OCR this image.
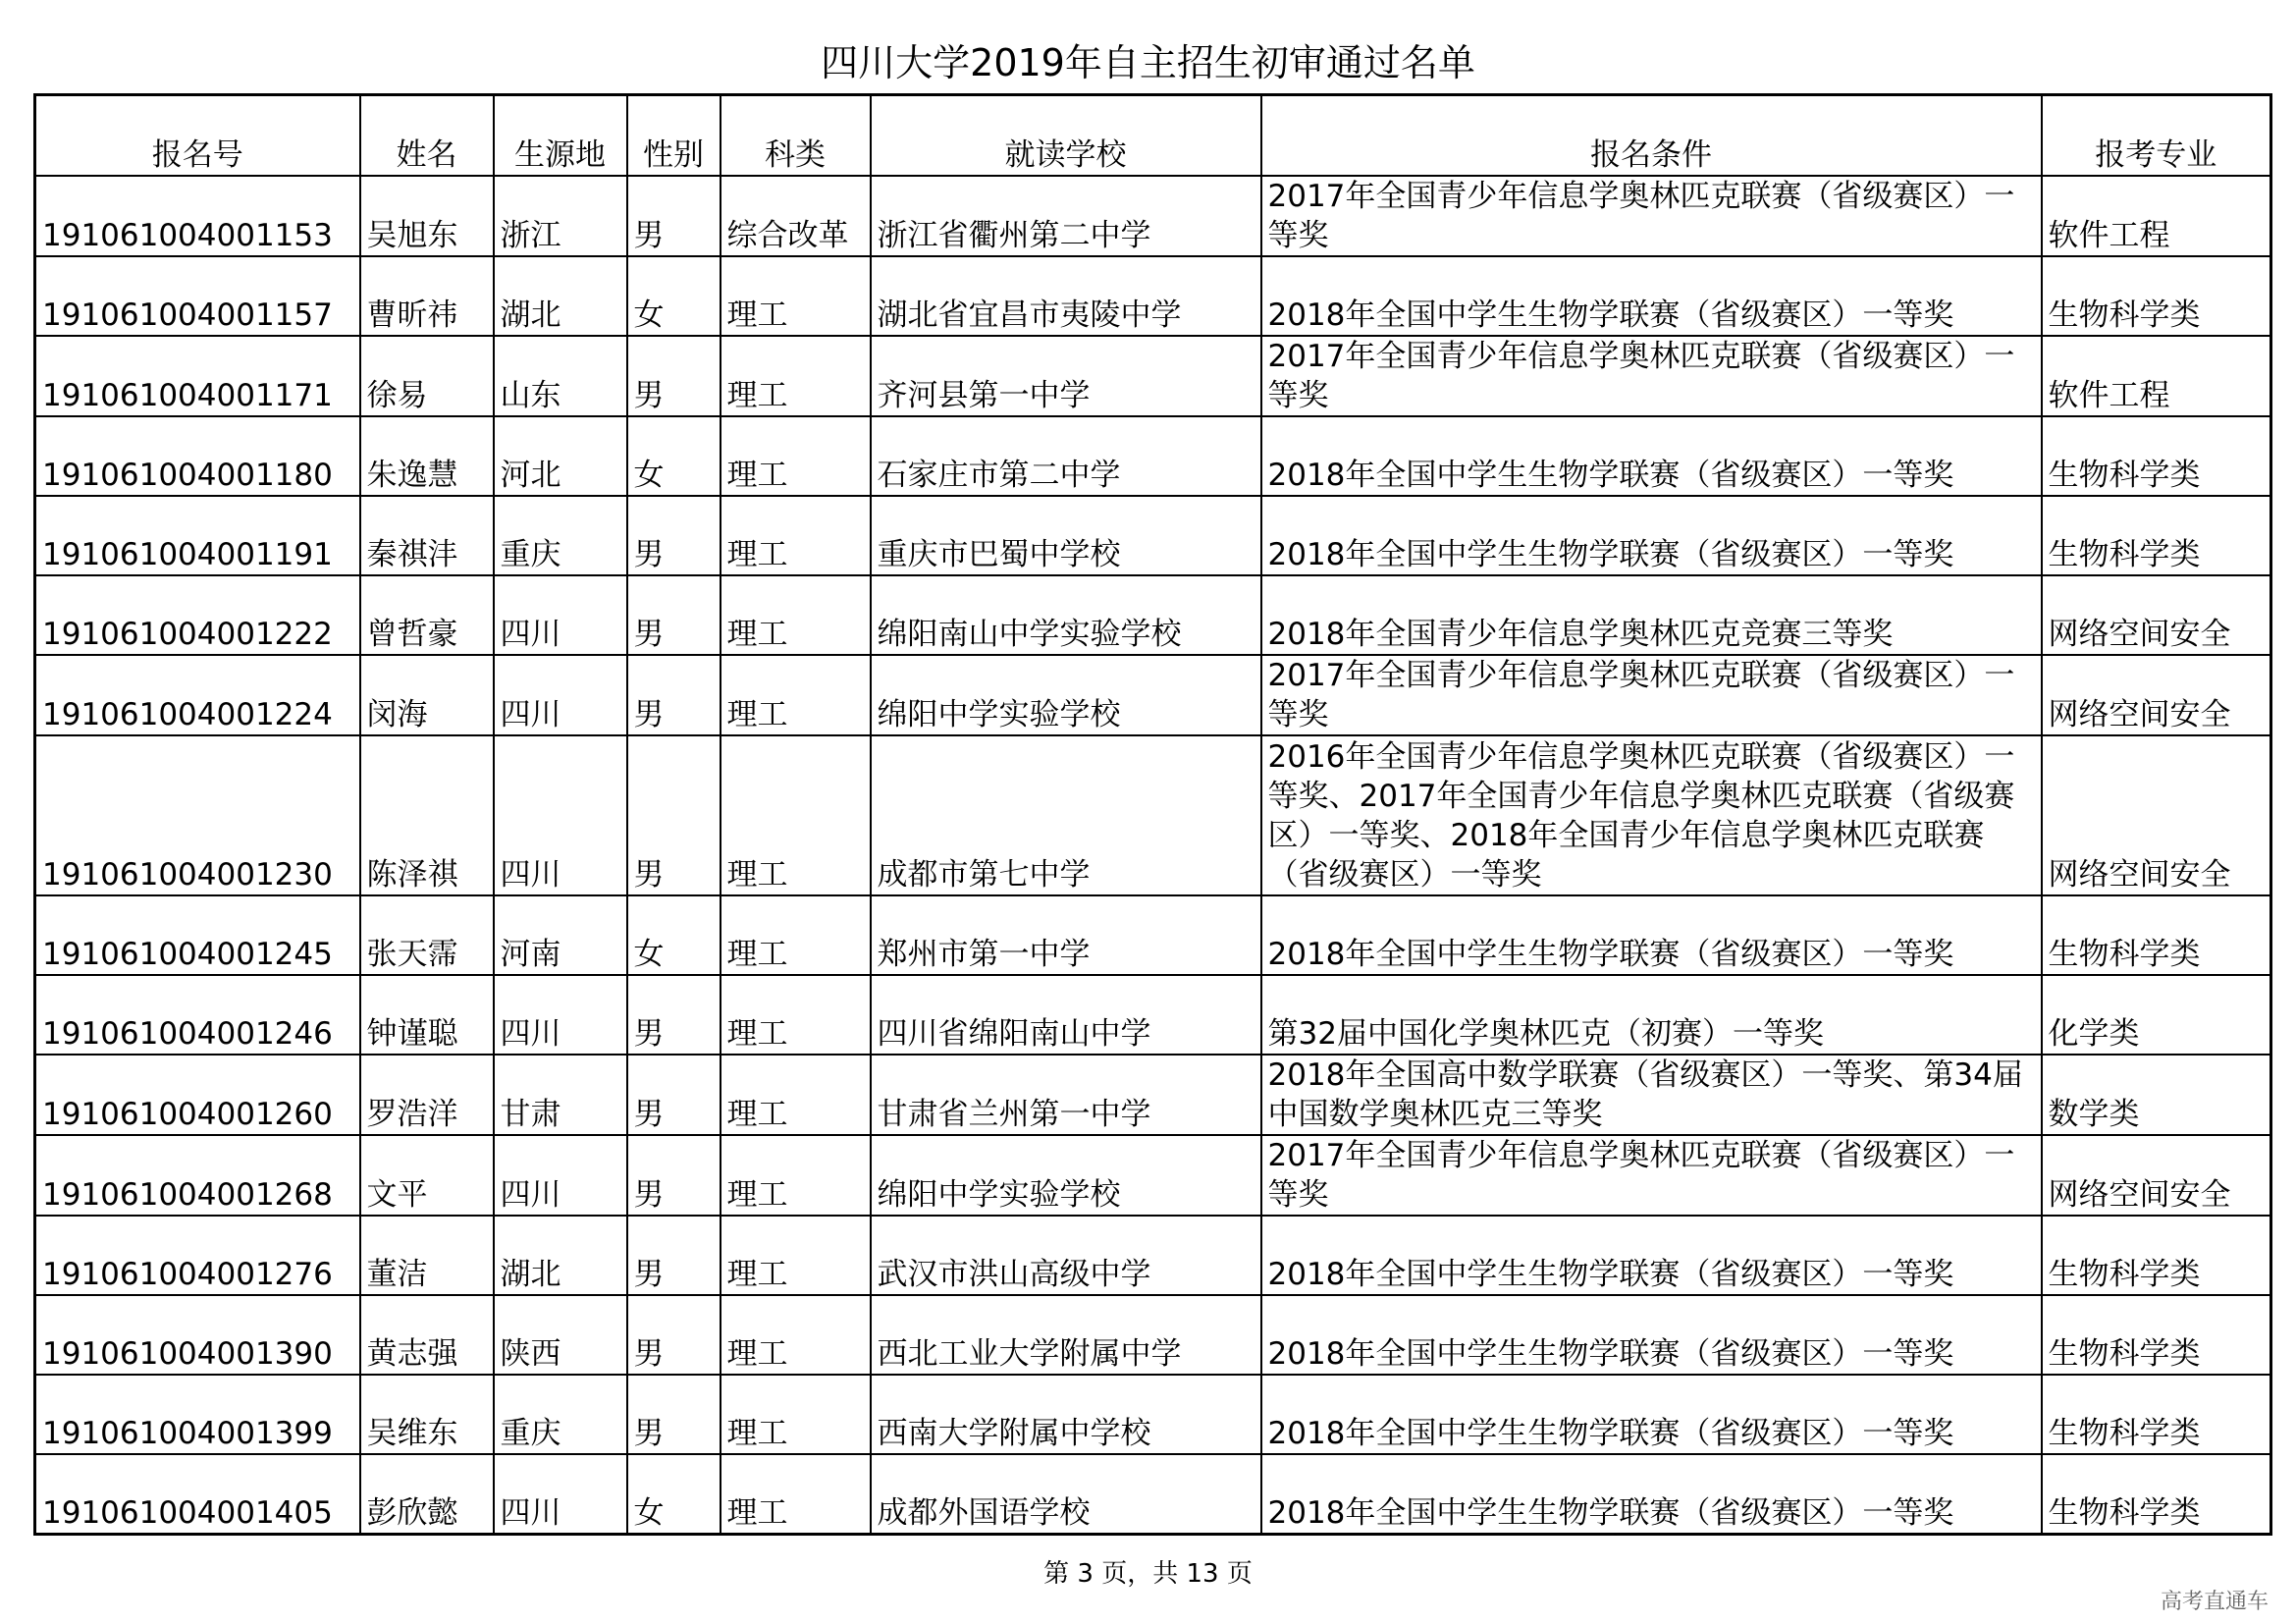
四川大学2019年自主招生初审通过名单
报名号	姓名	生源地	性别	科类	就读学校	报名条件	报考专业
191061004001153	吴旭东	浙江	男	综合改革	浙江省衢州第二中学	2017年全国青少年信息学奥林匹克联赛（省级赛区）一等奖	软件工程
191061004001157	曹昕祎	湖北	女	理工	湖北省宜昌市夷陵中学	2018年全国中学生生物学联赛（省级赛区）一等奖	生物科学类
191061004001171	徐易	山东	男	理工	齐河县第一中学	2017年全国青少年信息学奥林匹克联赛（省级赛区）一等奖	软件工程
191061004001180	朱逸慧	河北	女	理工	石家庄市第二中学	2018年全国中学生生物学联赛（省级赛区）一等奖	生物科学类
191061004001191	秦祺沣	重庆	男	理工	重庆市巴蜀中学校	2018年全国中学生生物学联赛（省级赛区）一等奖	生物科学类
191061004001222	曾哲豪	四川	男	理工	绵阳南山中学实验学校	2018年全国青少年信息学奥林匹克竞赛三等奖	网络空间安全
191061004001224	闵海	四川	男	理工	绵阳中学实验学校	2017年全国青少年信息学奥林匹克联赛（省级赛区）一等奖	网络空间安全
191061004001230	陈泽祺	四川	男	理工	成都市第七中学	2016年全国青少年信息学奥林匹克联赛（省级赛区）一等奖、2017年全国青少年信息学奥林匹克联赛（省级赛区）一等奖、2018年全国青少年信息学奥林匹克联赛（省级赛区）一等奖	网络空间安全
191061004001245	张天霈	河南	女	理工	郑州市第一中学	2018年全国中学生生物学联赛（省级赛区）一等奖	生物科学类
191061004001246	钟谨聪	四川	男	理工	四川省绵阳南山中学	第32届中国化学奥林匹克（初赛）一等奖	化学类
191061004001260	罗浩洋	甘肃	男	理工	甘肃省兰州第一中学	2018年全国高中数学联赛（省级赛区）一等奖、第34届中国数学奥林匹克三等奖	数学类
191061004001268	文平	四川	男	理工	绵阳中学实验学校	2017年全国青少年信息学奥林匹克联赛（省级赛区）一等奖	网络空间安全
191061004001276	董洁	湖北	男	理工	武汉市洪山高级中学	2018年全国中学生生物学联赛（省级赛区）一等奖	生物科学类
191061004001390	黄志强	陕西	男	理工	西北工业大学附属中学	2018年全国中学生生物学联赛（省级赛区）一等奖	生物科学类
191061004001399	吴维东	重庆	男	理工	西南大学附属中学校	2018年全国中学生生物学联赛（省级赛区）一等奖	生物科学类
191061004001405	彭欣懿	四川	女	理工	成都外国语学校	2018年全国中学生生物学联赛（省级赛区）一等奖	生物科学类
第 3 页，共 13 页
高考直通车
